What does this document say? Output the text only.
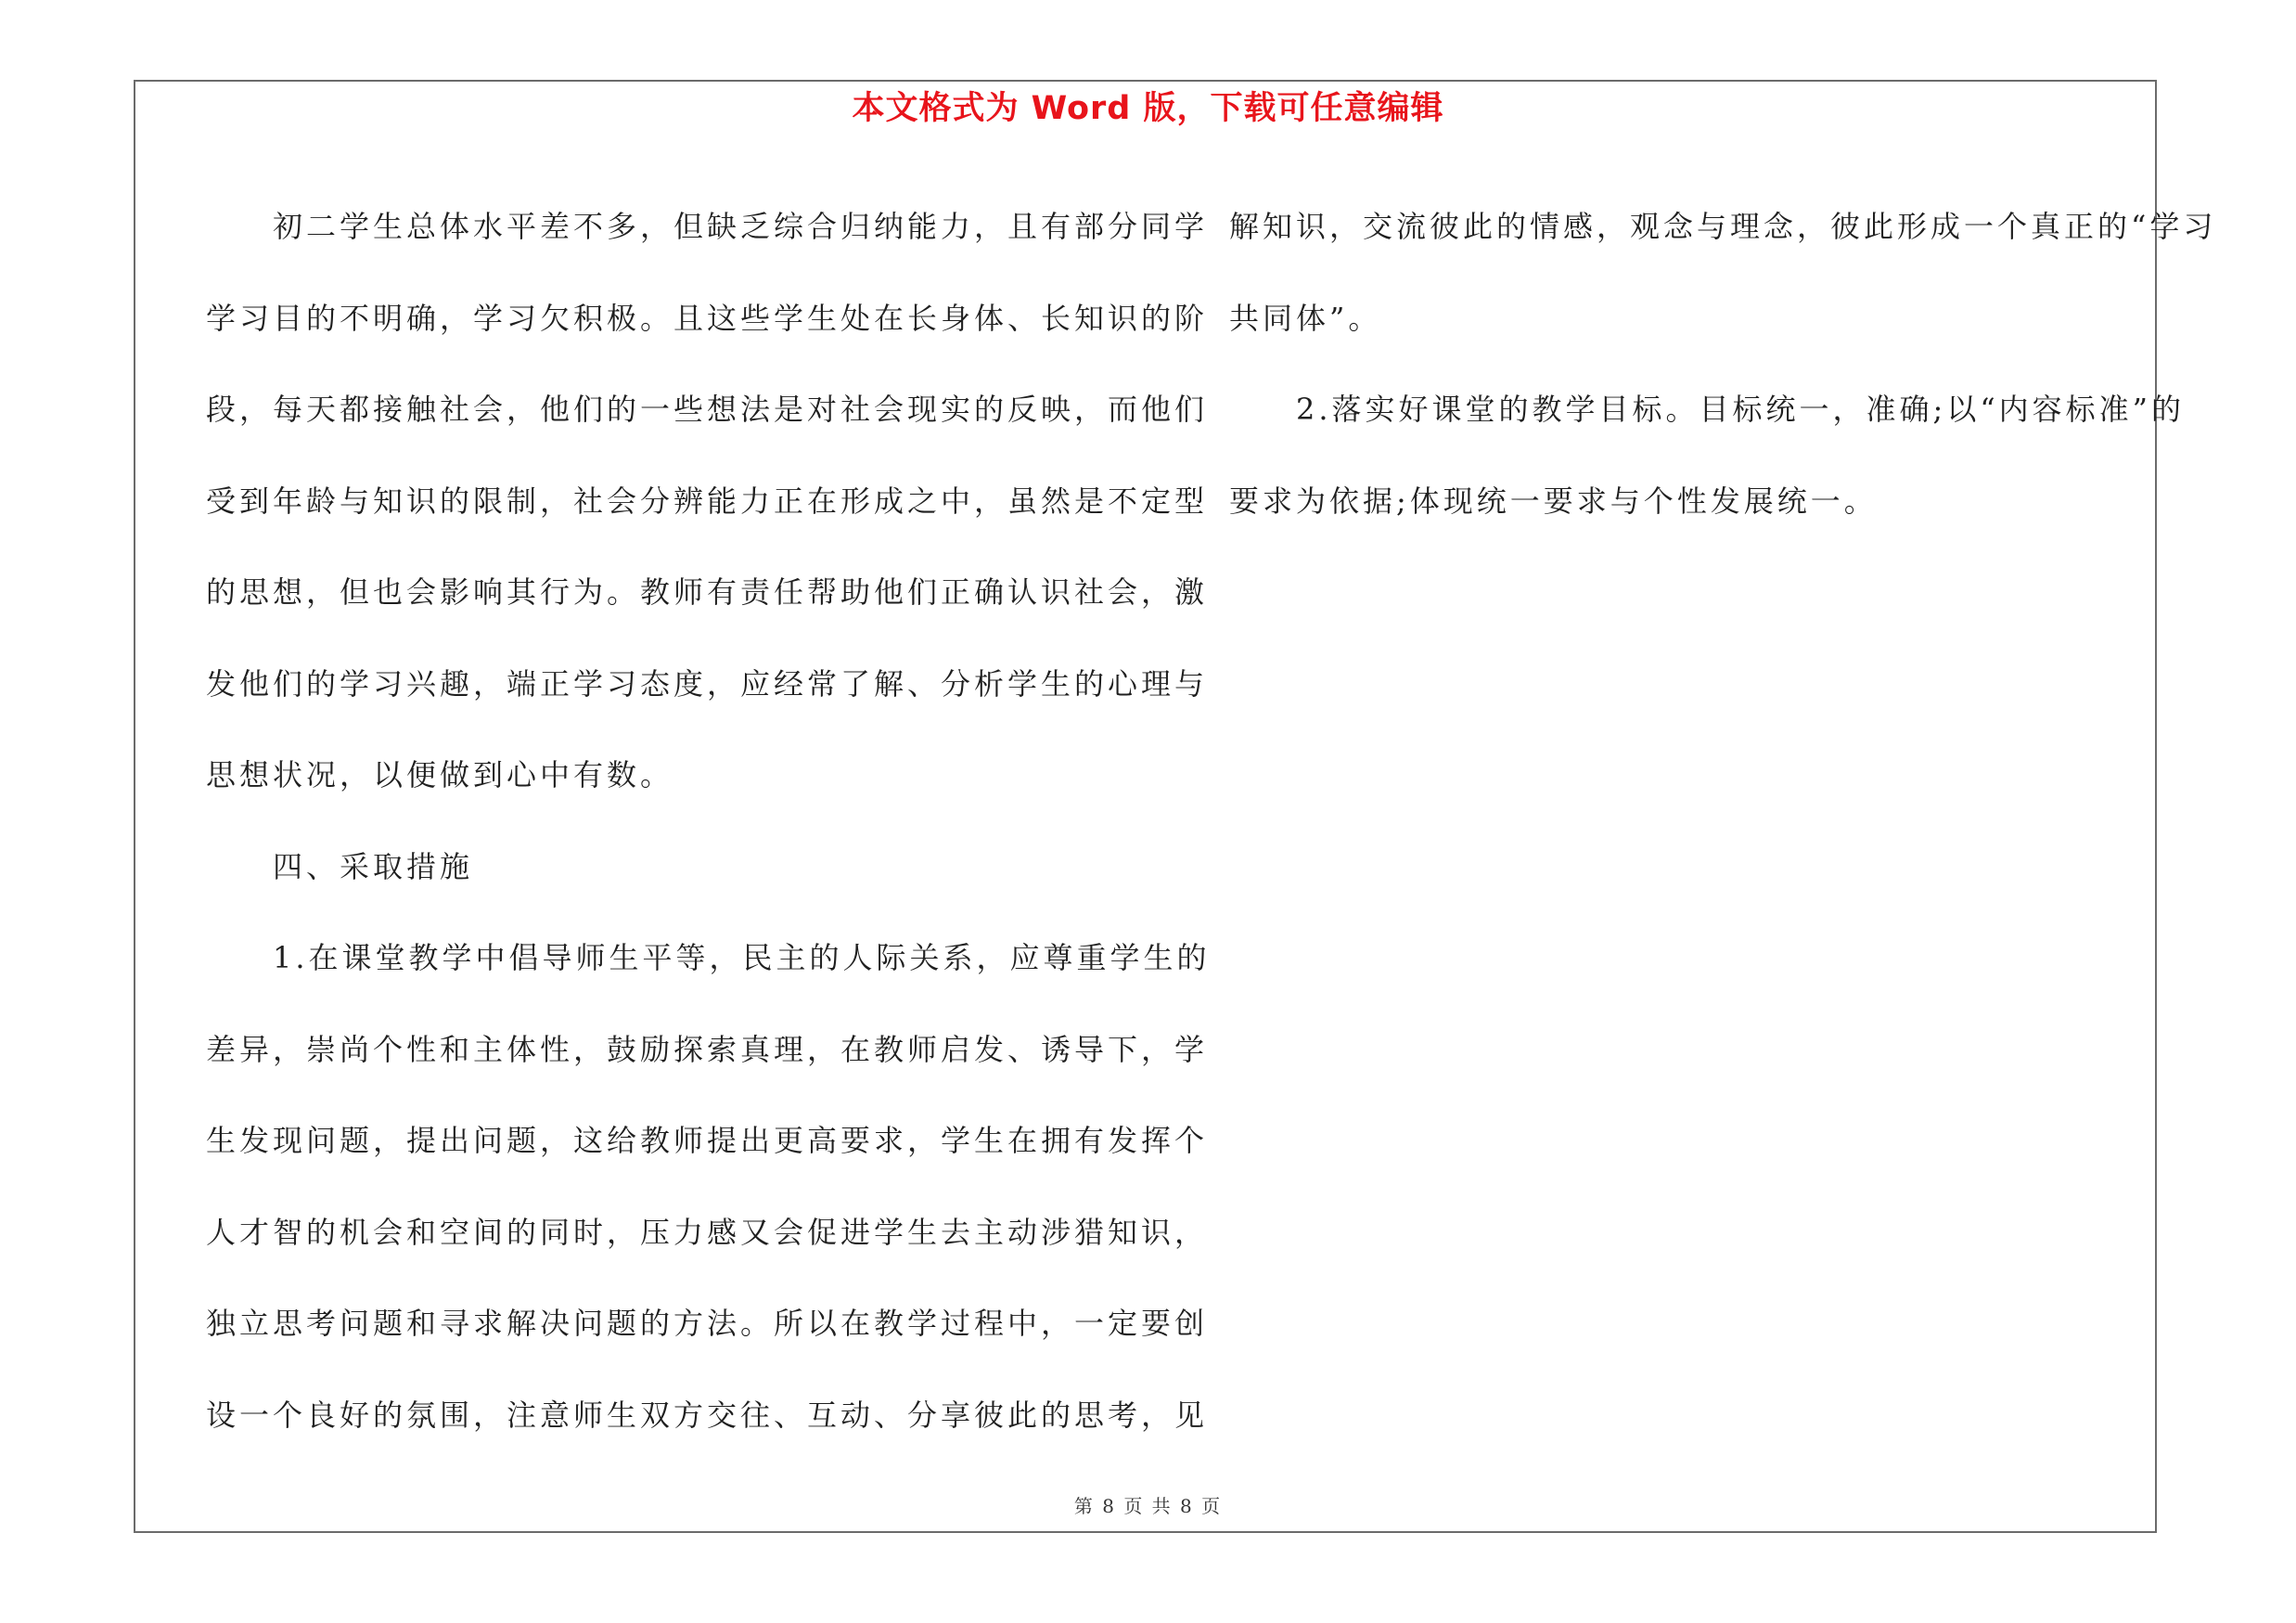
本文格式为 Word 版，下载可任意编辑
　　初二学生总体水平差不多，但缺乏综合归纳能力，且有部分同学
学习目的不明确，学习欠积极。且这些学生处在长身体、长知识的阶
段，每天都接触社会，他们的一些想法是对社会现实的反映，而他们
受到年龄与知识的限制，社会分辨能力正在形成之中，虽然是不定型
的思想，但也会影响其行为。教师有责任帮助他们正确认识社会，激
发他们的学习兴趣，端正学习态度，应经常了解、分析学生的心理与
思想状况，以便做到心中有数。
　　四、采取措施
　　1.在课堂教学中倡导师生平等，民主的人际关系，应尊重学生的
差异，崇尚个性和主体性，鼓励探索真理，在教师启发、诱导下，学
生发现问题，提出问题，这给教师提出更高要求，学生在拥有发挥个
人才智的机会和空间的同时，压力感又会促进学生去主动涉猎知识，
独立思考问题和寻求解决问题的方法。所以在教学过程中，一定要创
设一个良好的氛围，注意师生双方交往、互动、分享彼此的思考，见
解知识，交流彼此的情感，观念与理念，彼此形成一个真正的“学习
共同体”。
　　2.落实好课堂的教学目标。目标统一，准确;以“内容标准”的
要求为依据;体现统一要求与个性发展统一。
第 8 页 共 8 页
